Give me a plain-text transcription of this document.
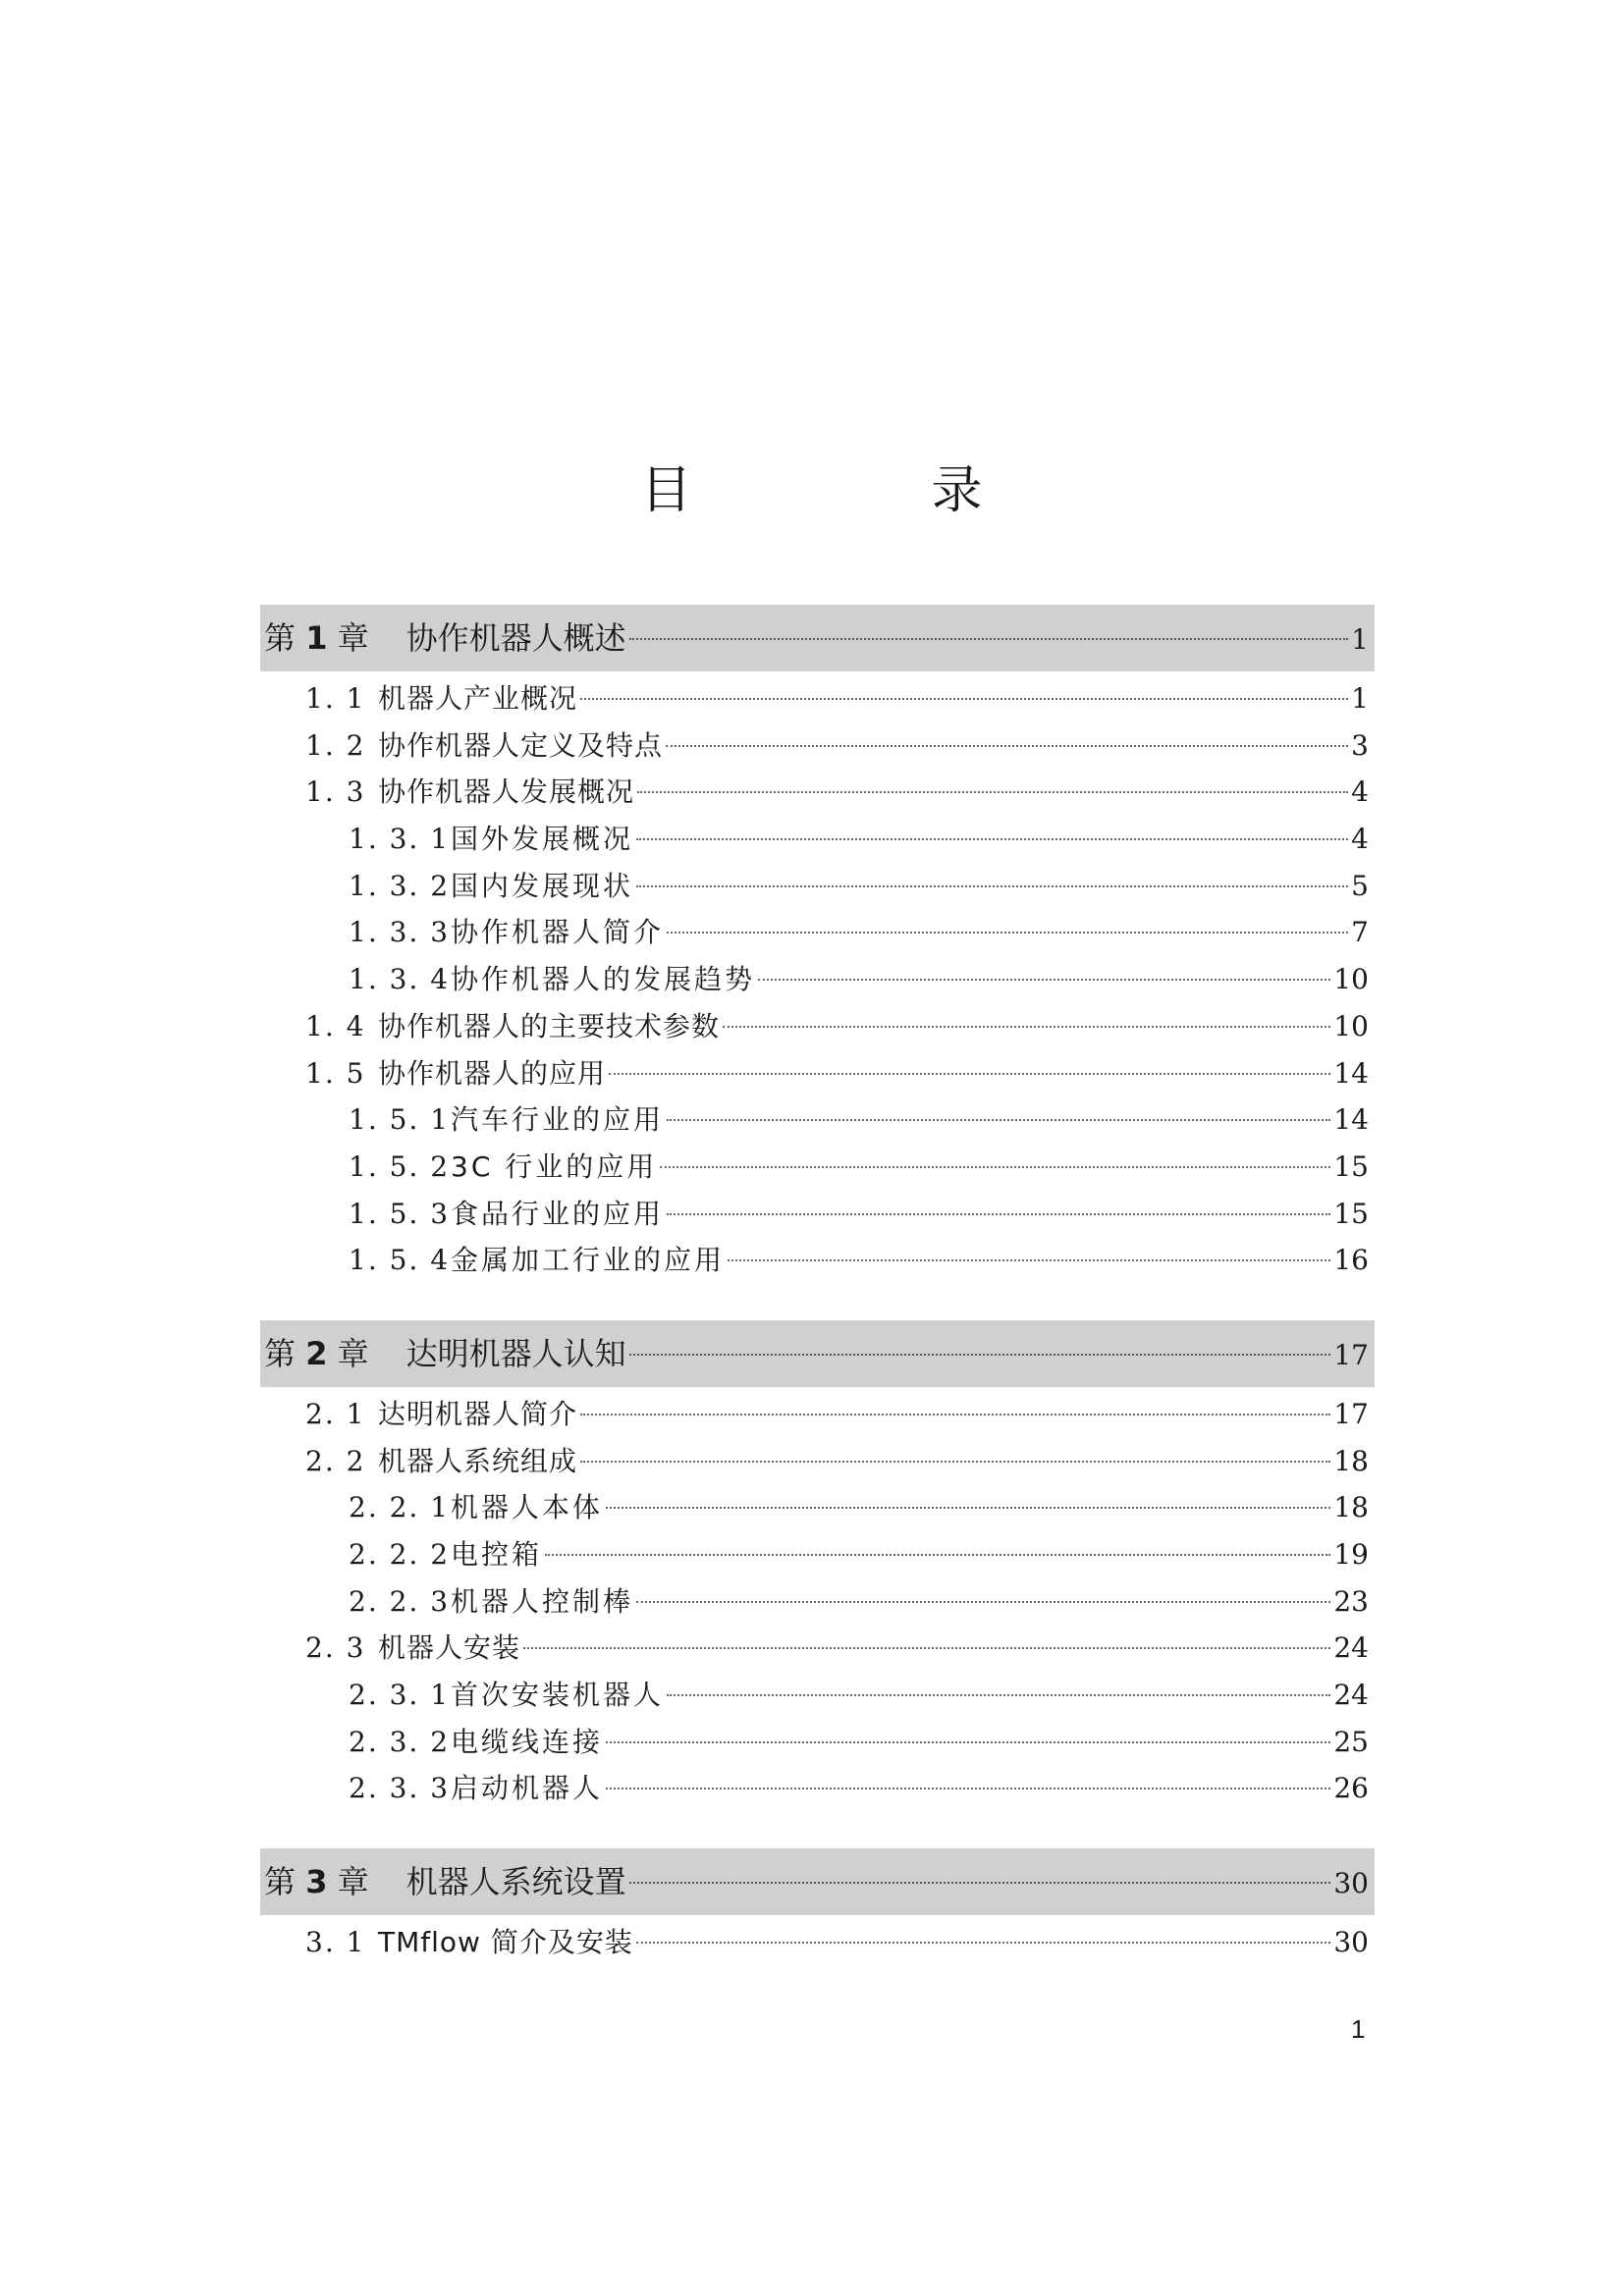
目　录
第 1 章 协作机器人概述	1
1. 1 机器人产业概况	1
1. 2 协作机器人定义及特点	3
1. 3 协作机器人发展概况	4
1. 3. 1 国外发展概况	4
1. 3. 2 国内发展现状	5
1. 3. 3 协作机器人简介	7
1. 3. 4 协作机器人的发展趋势	10
1. 4 协作机器人的主要技术参数	10
1. 5 协作机器人的应用	14
1. 5. 1 汽车行业的应用	14
1. 5. 2 3C 行业的应用	15
1. 5. 3 食品行业的应用	15
1. 5. 4 金属加工行业的应用	16
第 2 章 达明机器人认知	17
2. 1 达明机器人简介	17
2. 2 机器人系统组成	18
2. 2. 1 机器人本体	18
2. 2. 2 电控箱	19
2. 2. 3 机器人控制棒	23
2. 3 机器人安装	24
2. 3. 1 首次安装机器人	24
2. 3. 2 电缆线连接	25
2. 3. 3 启动机器人	26
第 3 章 机器人系统设置	30
3. 1 TMflow 简介及安装	30
1
